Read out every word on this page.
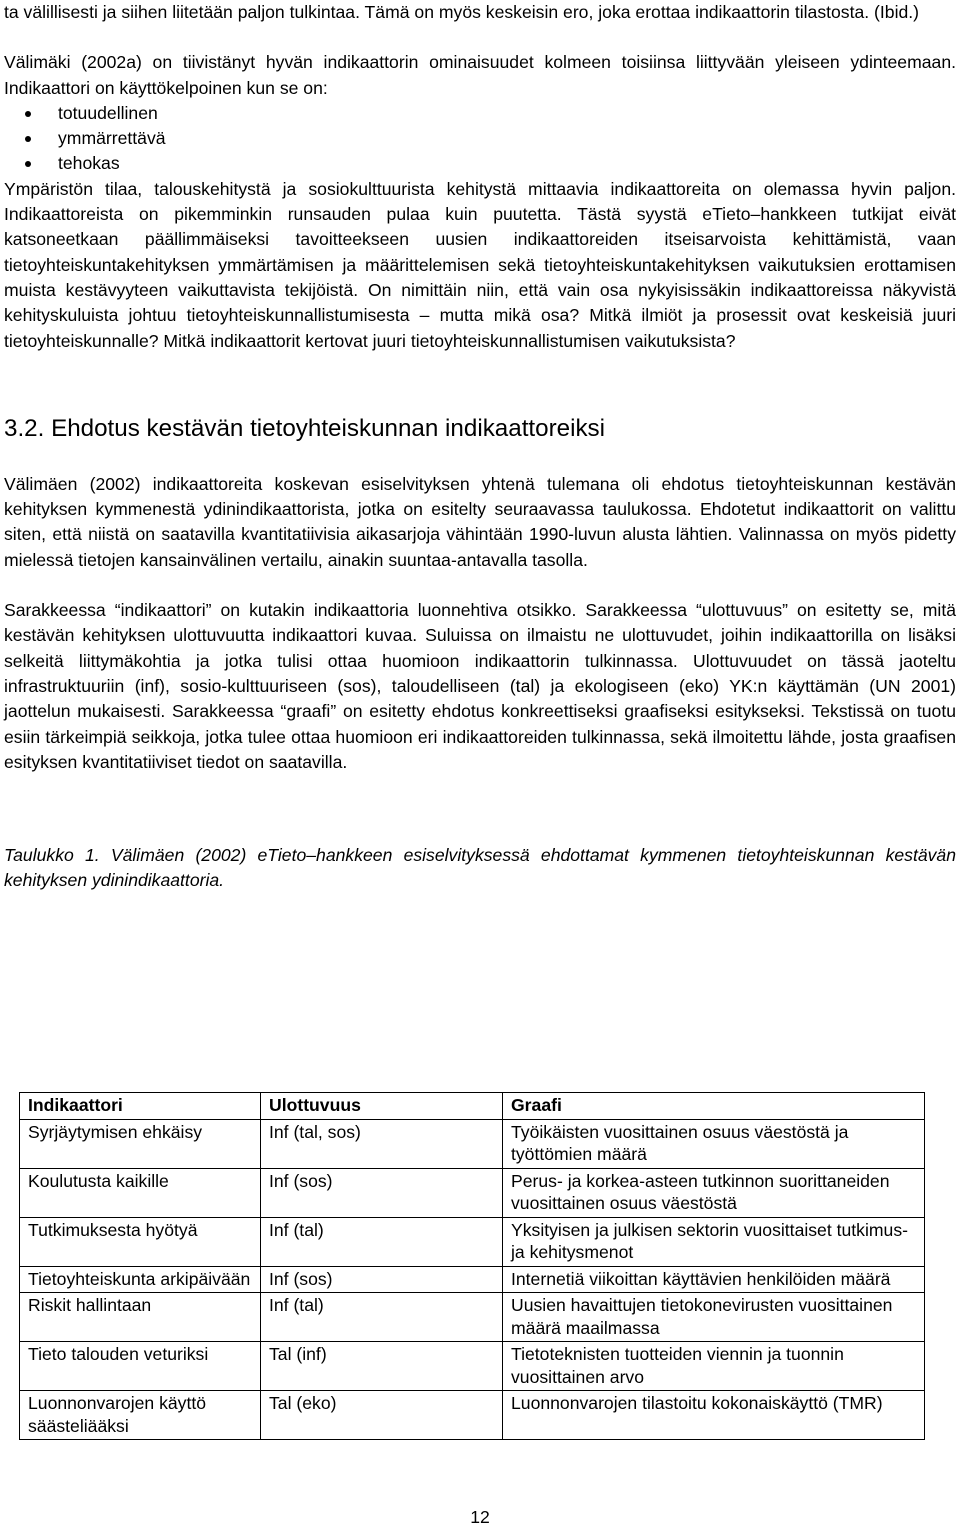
ta välillisesti ja siihen liitetään paljon tulkintaa. Tämä on myös keskeisin ero, joka erottaa indikaattorin tilastosta. (Ibid.)

Välimäki (2002a) on tiivistänyt hyvän indikaattorin ominaisuudet kolmeen toisiinsa liittyvään yleiseen ydinteemaan. Indikaattori on käyttökelpoinen kun se on:

totuudellinen
ymmärrettävä
tehokas

Ympäristön tilaa, talouskehitystä ja sosiokulttuurista kehitystä mittaavia indikaattoreita on olemassa hyvin paljon. Indikaattoreista on pikemminkin runsauden pulaa kuin puutetta. Tästä syystä eTieto–hankkeen tutkijat eivät katsoneetkaan päällimmäiseksi tavoitteekseen uusien indikaattoreiden itseisarvoista kehittämistä, vaan tietoyhteiskuntakehityksen ymmärtämisen ja määrittelemisen sekä tietoyhteiskuntakehityksen vaikutuksien erottamisen muista kestävyyteen vaikuttavista tekijöistä. On nimittäin niin, että vain osa nykyisissäkin indikaattoreissa näkyvistä kehityskuluista johtuu tietoyhteiskunnallistumisesta – mutta mikä osa? Mitkä ilmiöt ja prosessit ovat keskeisiä juuri tietoyhteiskunnalle? Mitkä indikaattorit kertovat juuri tietoyhteiskunnallistumisen vaikutuksista?

3.2. Ehdotus kestävän tietoyhteiskunnan indikaattoreiksi

Välimäen (2002) indikaattoreita koskevan esiselvityksen yhtenä tulemana oli ehdotus tietoyhteiskunnan kestävän kehityksen kymmenestä ydinindikaattorista, jotka on esitelty seuraavassa taulukossa. Ehdotetut indikaattorit on valittu siten, että niistä on saatavilla kvantitatiivisia aikasarjoja vähintään 1990-luvun alusta lähtien. Valinnassa on myös pidetty mielessä tietojen kansainvälinen vertailu, ainakin suuntaa-antavalla tasolla.

Sarakkeessa “indikaattori” on kutakin indikaattoria luonnehtiva otsikko. Sarakkeessa “ulottuvuus” on esitetty se, mitä kestävän kehityksen ulottuvuutta indikaattori kuvaa. Suluissa on ilmaistu ne ulottuvudet, joihin indikaattorilla on lisäksi selkeitä liittymäkohtia ja jotka tulisi ottaa huomioon indikaattorin tulkinnassa. Ulottuvuudet on tässä jaoteltu infrastruktuuriin (inf), sosio-kulttuuriseen (sos), taloudelliseen (tal) ja ekologiseen (eko) YK:n käyttämän (UN 2001) jaottelun mukaisesti. Sarakkeessa “graafi” on esitetty ehdotus konkreettiseksi graafiseksi esitykseksi. Tekstissä on tuotu esiin tärkeimpiä seikkoja, jotka tulee ottaa huomioon eri indikaattoreiden tulkinnassa, sekä ilmoitettu lähde, josta graafisen esityksen kvantitatiiviset tiedot on saatavilla.

Taulukko 1. Välimäen (2002) eTieto–hankkeen esiselvityksessä ehdottamat kymmenen tietoyhteiskunnan kestävän kehityksen ydinindikaattoria.

Indikaattori	Ulottuvuus	Graafi
Syrjäytymisen ehkäisy	Inf (tal, sos)	Työikäisten vuosittainen osuus väestöstä ja työttömien määrä
Koulutusta kaikille	Inf (sos)	Perus- ja korkea-asteen tutkinnon suorittaneiden vuosittainen osuus väestöstä
Tutkimuksesta hyötyä	Inf (tal)	Yksityisen ja julkisen sektorin vuosittaiset tutkimus- ja kehitysmenot
Tietoyhteiskunta arkipäivään	Inf (sos)	Internetiä viikoittan käyttävien henkilöiden määrä
Riskit hallintaan	Inf (tal)	Uusien havaittujen tietokonevirusten vuosittainen määrä maailmassa
Tieto talouden veturiksi	Tal (inf)	Tietoteknisten tuotteiden viennin ja tuonnin vuosittainen arvo
Luonnonvarojen käyttö säästeliääksi	Tal (eko)	Luonnonvarojen tilastoitu kokonaiskäyttö (TMR)
12
